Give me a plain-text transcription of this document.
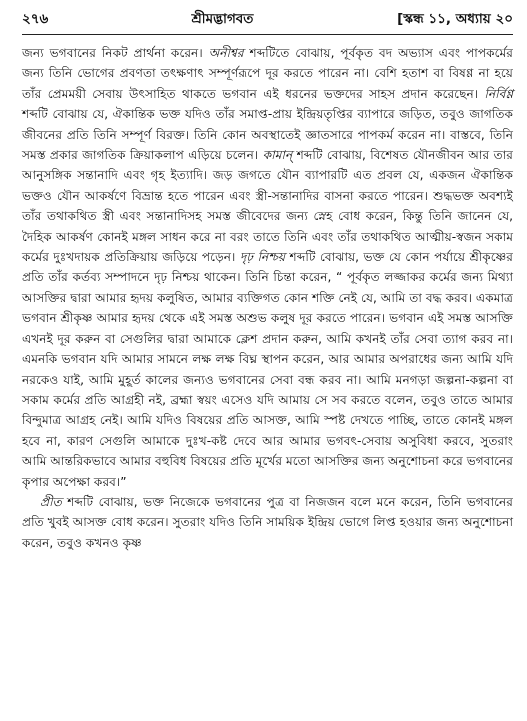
২৭৬	শ্রীমদ্ভাগবত	[স্কন্ধ ১১, অধ্যায় ২০

জন্য ভগবানের নিকট প্রার্থনা করেন। অনীশ্বর শব্দটিতে বোঝায়, পূর্বকৃত বদ অভ্যাস এবং পাপকর্মের জন্য তিনি ভোগের প্রবণতা তৎক্ষণাৎ সম্পূর্ণরূপে দূর করতে পারেন না। বেশি হতাশ বা বিষণ্ণ না হয়ে তাঁর প্রেমময়ী সেবায় উৎসাহিত থাকতে ভগবান এই ধরনের ভক্তদের সাহস প্রদান করেছেন। নির্বিণ্ণ শব্দটি বোঝায় যে, ঐকান্তিক ভক্ত যদিও তাঁর সমাপ্ত-প্রায় ইন্দ্রিয়তৃপ্তির ব্যাপারে জড়িত, তবুও জাগতিক জীবনের প্রতি তিনি সম্পূর্ণ বিরক্ত। তিনি কোন অবস্থাতেই জ্ঞাতসারে পাপকর্ম করেন না। বাস্তবে, তিনি সমস্ত প্রকার জাগতিক ক্রিয়াকলাপ এড়িয়ে চলেন। কামান্ শব্দটি বোঝায়, বিশেষত যৌনজীবন আর তার আনুসঙ্গিক সন্তানাদি এবং গৃহ ইত্যাদি। জড় জগতে যৌন ব্যাপারটি এত প্রবল যে, একজন ঐকান্তিক ভক্তও যৌন আকর্ষণে বিভ্রান্ত হতে পারেন এবং স্ত্রী-সন্তানাদির বাসনা করতে পারেন। শুদ্ধভক্ত অবশ্যই তাঁর তথাকথিত স্ত্রী এবং সন্তানাদিসহ সমস্ত জীবেদের জন্য স্নেহ বোধ করেন, কিন্তু তিনি জানেন যে, দৈহিক আকর্ষণ কোনই মঙ্গল সাধন করে না বরং তাতে তিনি এবং তাঁর তথাকথিত আত্মীয়-স্বজন সকাম কর্মের দুঃখদায়ক প্রতিক্রিয়ায় জড়িয়ে পড়েন। দৃঢ় নিশ্চয় শব্দটি বোঝায়, ভক্ত যে কোন পর্যায়ে শ্রীকৃষ্ণের প্রতি তাঁর কর্তব্য সম্পাদনে দৃঢ় নিশ্চয় থাকেন। তিনি চিন্তা করেন, “ পূর্বকৃত লজ্জাকর কর্মের জন্য মিথ্যা আসক্তির দ্বারা আমার হৃদয় কলুষিত, আমার ব্যক্তিগত কোন শক্তি নেই যে, আমি তা বদ্ধ করব। একমাত্র ভগবান শ্রীকৃষ্ণ আমার হৃদয় থেকে এই সমস্ত অশুভ কলুষ দূর করতে পারেন। ভগবান এই সমস্ত আসক্তি এখনই দূর করুন বা সেগুলির দ্বারা আমাকে ক্লেশ প্রদান করুন, আমি কখনই তাঁর সেবা ত্যাগ করব না। এমনকি ভগবান যদি আমার সামনে লক্ষ লক্ষ বিঘ্ন স্থাপন করেন, আর আমার অপরাধের জন্য আমি যদি নরকেও যাই, আমি মুহূর্ত কালের জন্যও ভগবানের সেবা বন্ধ করব না। আমি মনগড়া জল্পনা-কল্পনা বা সকাম কর্মের প্রতি আগ্রহী নই, ব্রহ্মা স্বয়ং এসেও যদি আমায় সে সব করতে বলেন, তবুও তাতে আমার বিন্দুমাত্র আগ্রহ নেই। আমি যদিও বিষয়ের প্রতি আসক্ত, আমি স্পষ্ট দেখতে পাচ্ছি, তাতে কোনই মঙ্গল হবে না, কারণ সেগুলি আমাকে দুঃখ-কষ্ট দেবে আর আমার ভগবৎ-সেবায় অসুবিধা করবে, সুতরাং আমি আন্তরিকভাবে আমার বহুবিধ বিষয়ের প্রতি মূর্খের মতো আসক্তির জন্য অনুশোচনা করে ভগবানের কৃপার অপেক্ষা করব।”

প্রীত শব্দটি বোঝায়, ভক্ত নিজেকে ভগবানের পুত্র বা নিজজন বলে মনে করেন, তিনি ভগবানের প্রতি খুবই আসক্ত বোধ করেন। সুতরাং যদিও তিনি সাময়িক ইন্দ্রিয় ভোগে লিপ্ত হওয়ার জন্য অনুশোচনা করেন, তবুও কখনও কৃষ্ণ
